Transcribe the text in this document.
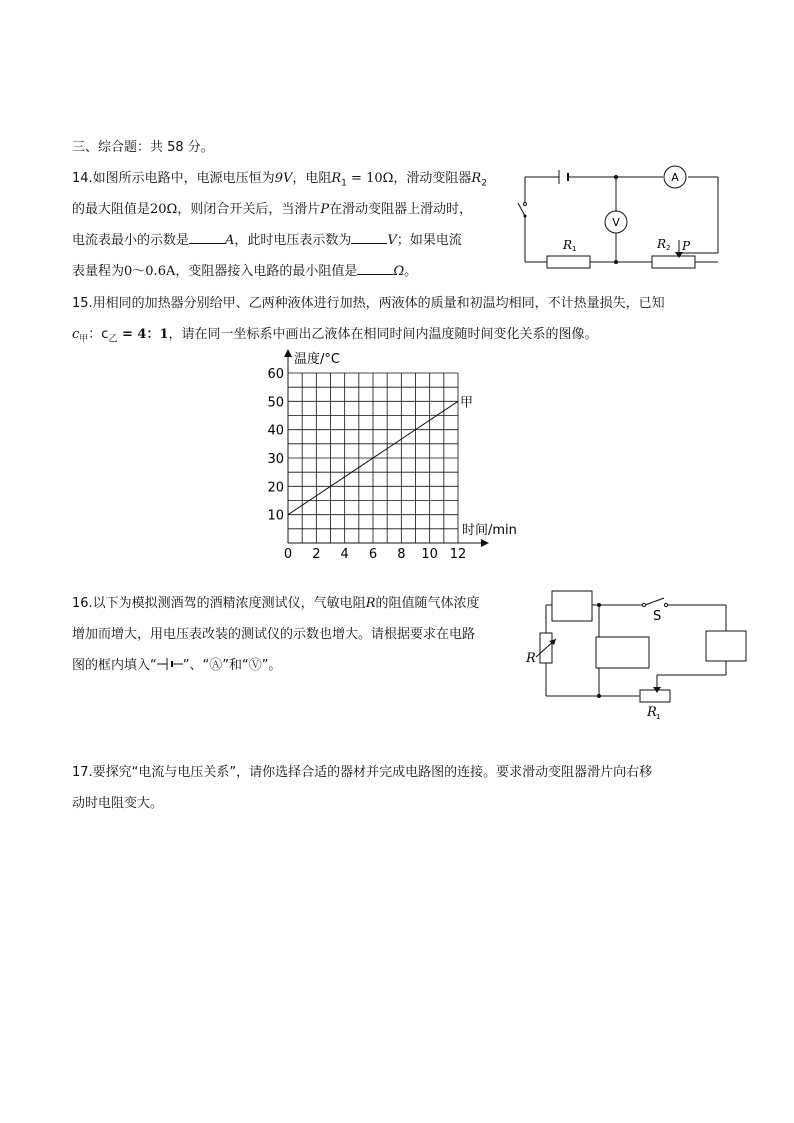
三、综合题：共 58 分。
14.如图所示电路中，电源电压恒为9V，电阻$R_1 = 10\Omega$，滑动变阻器$R_2$
的最大阻值是20Ω，则闭合开关后，当滑片P在滑动变阻器上滑动时，
电流表最小的示数是	A，此时电压表示数为	V；如果电流
表量程为0～0.6A，变阻器接入电路的最小阻值是	Ω。
A
V
R 1	R 2 P
15.用相同的加热器分别给甲、乙两种液体进行加热，两液体的质量和初温均相同，不计热量损失，已知
$c_甲$：$c_乙 = 4$：1，请在同一坐标系中画出乙液体在相同时间内温度随时间变化关系的图像。
0 2 4 6 8 10 12
10
20
30
40
50
60
甲
温度/°C
时间/min
16.以下为模拟测酒驾的酒精浓度测试仪，气敏电阻R的阻值随气体浓度
增加而增大，用电压表改装的测试仪的示数也增大。请根据要求在电路
图的框内填入“ ”、“Ⓐ”和“Ⓥ”。
S
R
R 1
17.要探究“电流与电压关系”，请你选择合适的器材并完成电路图的连接。要求滑动变阻器滑片向右移
动时电阻变大。
